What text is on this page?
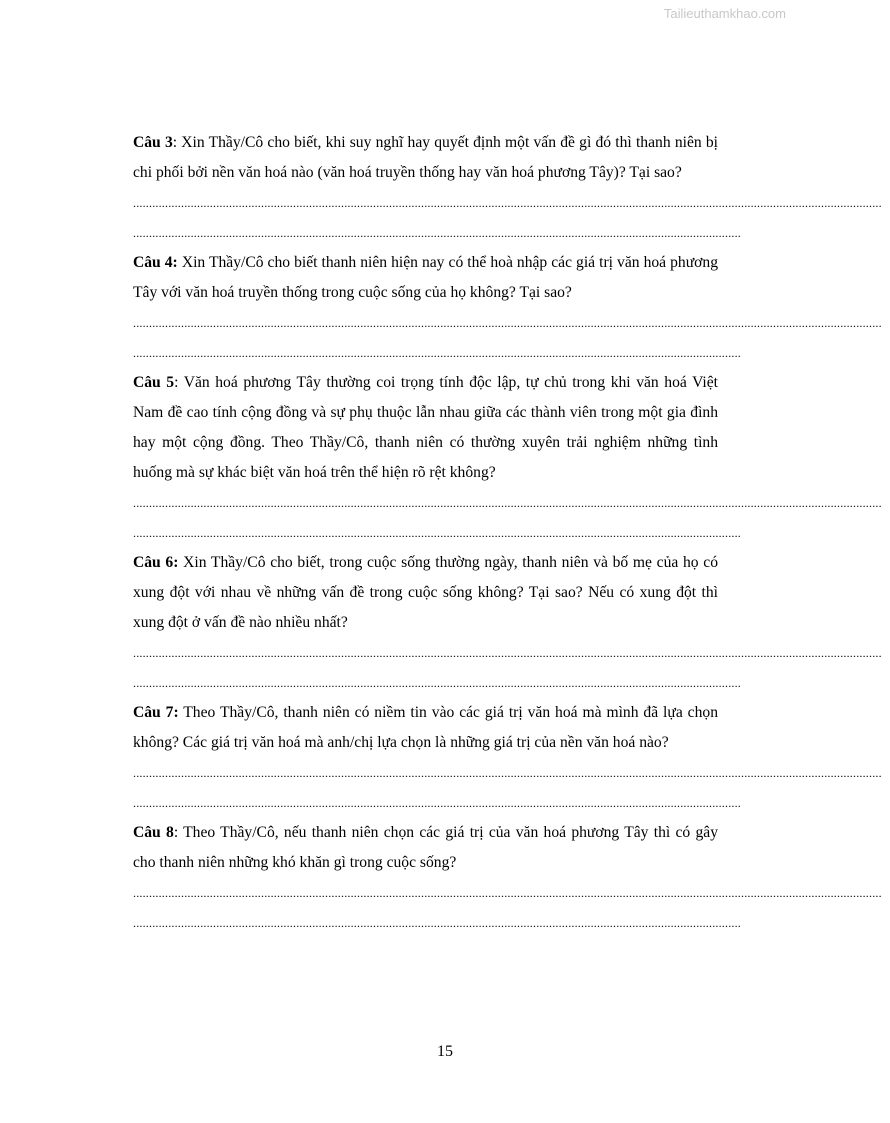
Tailieuthamkhao.com

Câu 3: Xin Thầy/Cô cho biết, khi suy nghĩ hay quyết định một vấn đề gì đó thì thanh niên bị chi phối bởi nền văn hoá nào (văn hoá truyền thống hay văn hoá phương Tây)? Tại sao?

..........................................................................................................................................................................................................................................
..............................................................................................................................................................................................

Câu 4: Xin Thầy/Cô cho biết thanh niên hiện nay có thể hoà nhập các giá trị văn hoá phương Tây với văn hoá truyền thống trong cuộc sống của họ không? Tại sao?

..........................................................................................................................................................................................................................................
..............................................................................................................................................................................................

Câu 5: Văn hoá phương Tây thường coi trọng tính độc lập, tự chủ trong khi văn hoá Việt Nam đề cao tính cộng đồng và sự phụ thuộc lẫn nhau giữa các thành viên trong một gia đình hay một cộng đồng. Theo Thầy/Cô, thanh niên có thường xuyên trải nghiệm những tình huống mà sự khác biệt văn hoá trên thể hiện rõ rệt không?

..........................................................................................................................................................................................................................................
..............................................................................................................................................................................................

Câu 6: Xin Thầy/Cô cho biết, trong cuộc sống thường ngày, thanh niên và bố mẹ của họ có xung đột với nhau về những vấn đề trong cuộc sống không? Tại sao? Nếu có xung đột thì xung đột ở vấn đề nào nhiều nhất?

..........................................................................................................................................................................................................................................
..............................................................................................................................................................................................

Câu 7: Theo Thầy/Cô, thanh niên có niềm tin vào các giá trị văn hoá mà mình đã lựa chọn không? Các giá trị văn hoá mà anh/chị lựa chọn là những giá trị của nền văn hoá nào?

..........................................................................................................................................................................................................................................
..............................................................................................................................................................................................

Câu 8: Theo Thầy/Cô, nếu thanh niên chọn các giá trị của văn hoá phương Tây thì có gây cho thanh niên những khó khăn gì trong cuộc sống?

..........................................................................................................................................................................................................................................
..............................................................................................................................................................................................
15
